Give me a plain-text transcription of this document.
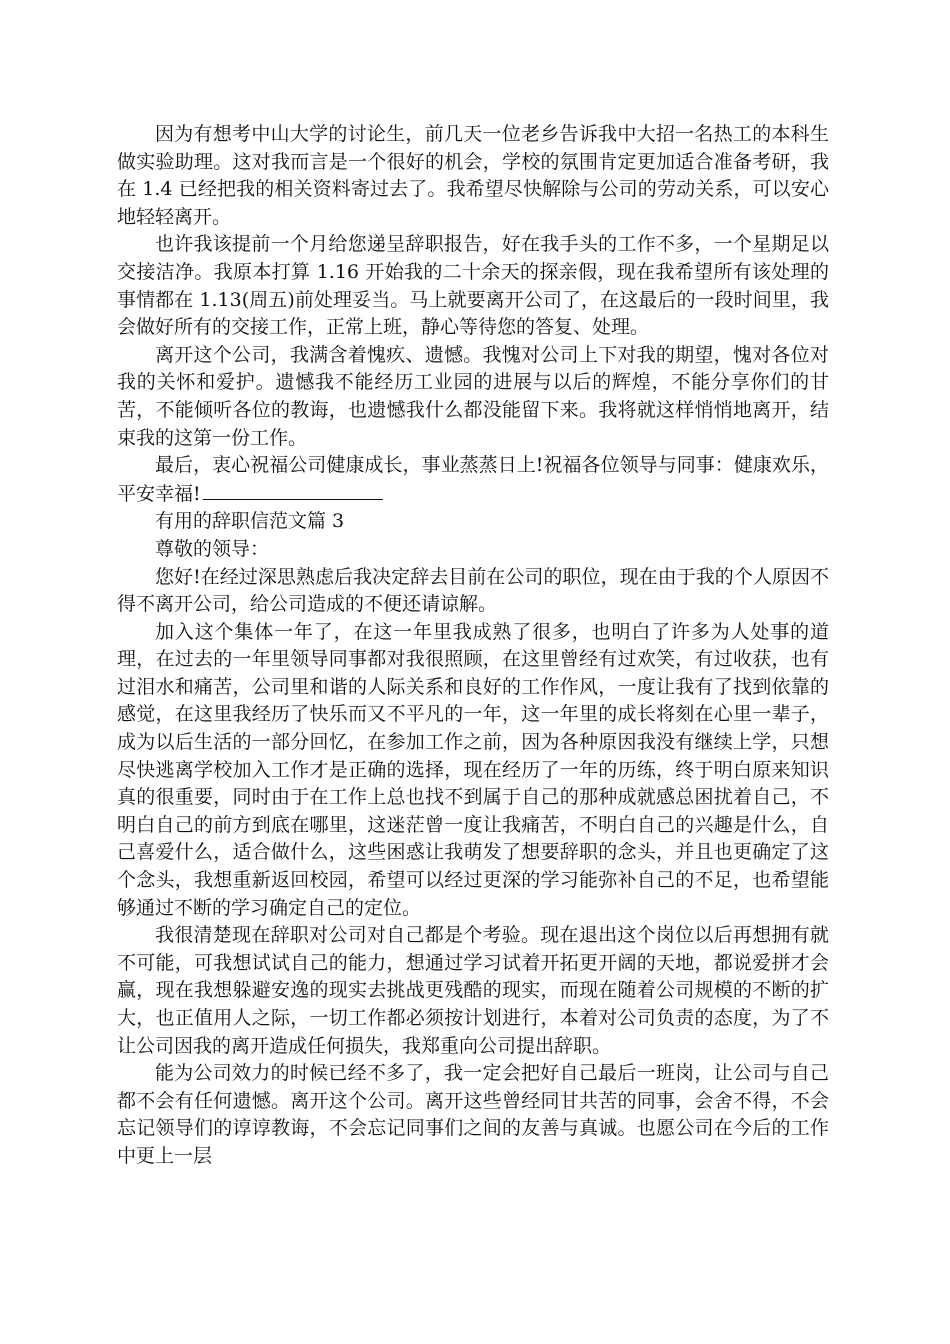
因为有想考中山大学的讨论生，前几天一位老乡告诉我中大招一名热工的本科生做实验助理。这对我而言是一个很好的机会，学校的氛围肯定更加适合准备考研，我在 1.4 已经把我的相关资料寄过去了。我希望尽快解除与公司的劳动关系，可以安心地轻轻离开。

也许我该提前一个月给您递呈辞职报告，好在我手头的工作不多，一个星期足以交接洁净。我原本打算 1.16 开始我的二十余天的探亲假，现在我希望所有该处理的事情都在 1.13(周五)前处理妥当。马上就要离开公司了，在这最后的一段时间里，我会做好所有的交接工作，正常上班，静心等待您的答复、处理。

离开这个公司，我满含着愧疚、遗憾。我愧对公司上下对我的期望，愧对各位对我的关怀和爱护。遗憾我不能经历工业园的进展与以后的辉煌，不能分享你们的甘苦，不能倾听各位的教诲，也遗憾我什么都没能留下来。我将就这样悄悄地离开，结束我的这第一份工作。

最后，衷心祝福公司健康成长，事业蒸蒸日上!祝福各位领导与同事：健康欢乐，平安幸福!

有用的辞职信范文篇 3

尊敬的领导：

您好!在经过深思熟虑后我决定辞去目前在公司的职位，现在由于我的个人原因不得不离开公司，给公司造成的不便还请谅解。

加入这个集体一年了，在这一年里我成熟了很多，也明白了许多为人处事的道理，在过去的一年里领导同事都对我很照顾，在这里曾经有过欢笑，有过收获，也有过泪水和痛苦，公司里和谐的人际关系和良好的工作作风，一度让我有了找到依靠的感觉，在这里我经历了快乐而又不平凡的一年，这一年里的成长将刻在心里一辈子，成为以后生活的一部分回忆，在参加工作之前，因为各种原因我没有继续上学，只想尽快逃离学校加入工作才是正确的选择，现在经历了一年的历练，终于明白原来知识真的很重要，同时由于在工作上总也找不到属于自己的那种成就感总困扰着自己，不明白自己的前方到底在哪里，这迷茫曾一度让我痛苦，不明白自己的兴趣是什么，自己喜爱什么，适合做什么，这些困惑让我萌发了想要辞职的念头，并且也更确定了这个念头，我想重新返回校园，希望可以经过更深的学习能弥补自己的不足，也希望能够通过不断的学习确定自己的定位。

我很清楚现在辞职对公司对自己都是个考验。现在退出这个岗位以后再想拥有就不可能，可我想试试自己的能力，想通过学习试着开拓更开阔的天地，都说爱拼才会赢，现在我想躲避安逸的现实去挑战更残酷的现实，而现在随着公司规模的不断的扩大，也正值用人之际，一切工作都必须按计划进行，本着对公司负责的态度，为了不让公司因我的离开造成任何损失，我郑重向公司提出辞职。

能为公司效力的时候已经不多了，我一定会把好自己最后一班岗，让公司与自己都不会有任何遗憾。离开这个公司。离开这些曾经同甘共苦的同事，会舍不得，不会忘记领导们的谆谆教诲，不会忘记同事们之间的友善与真诚。也愿公司在今后的工作中更上一层
